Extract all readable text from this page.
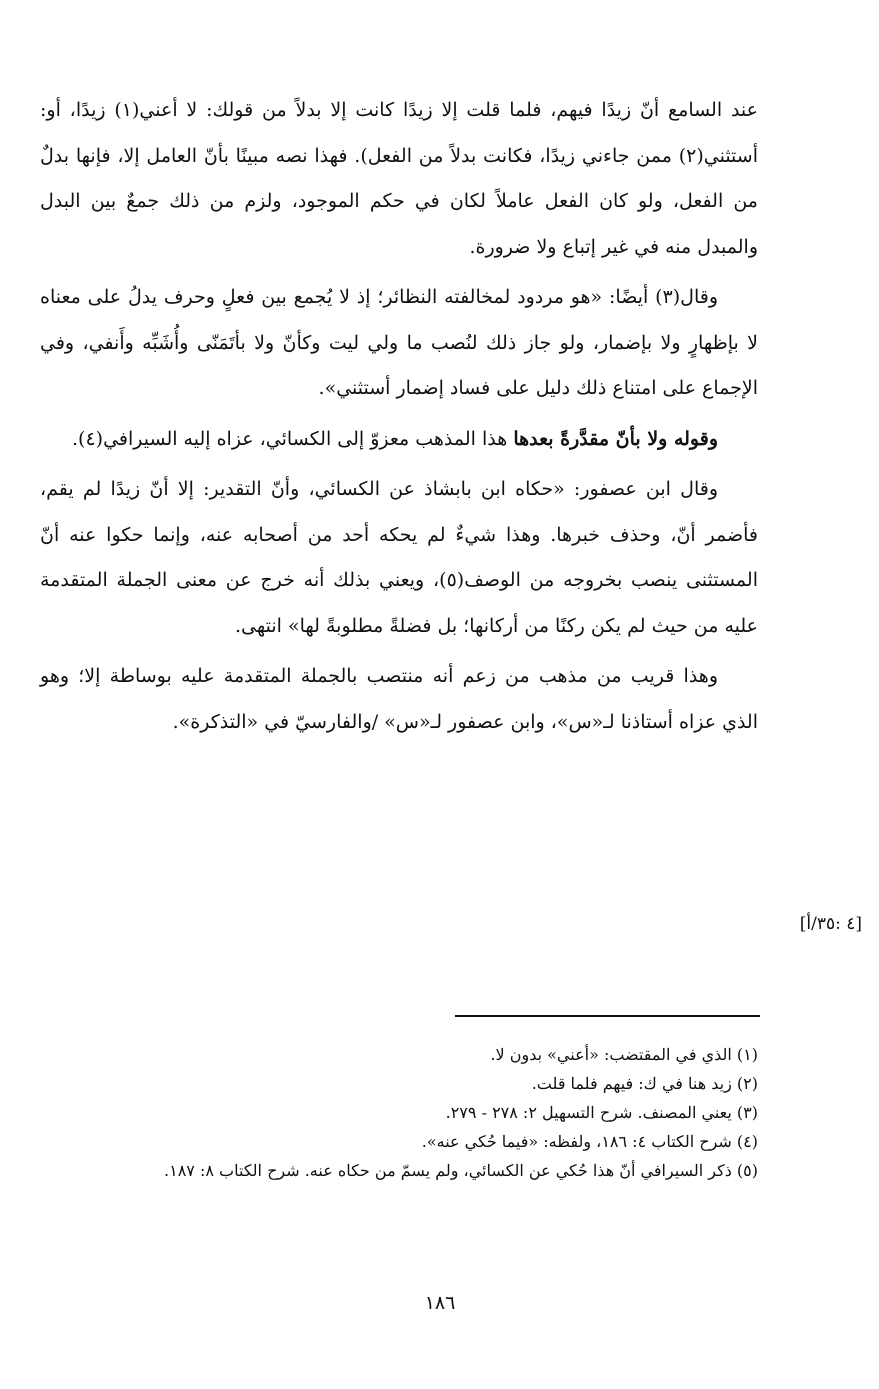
عند السامع أنّ زيدًا فيهم، فلما قلت إلا زيدًا كانت إلا بدلاً من قولك: لا أعني(١) زيدًا، أو: أستثني(٢) ممن جاءني زيدًا، فكانت بدلاً من الفعل). فهذا نصه مبينًا بأنّ العامل إلا، فإنها بدلٌ من الفعل، ولو كان الفعل عاملاً لكان في حكم الموجود، ولزم من ذلك جمعٌ بين البدل والمبدل منه في غير إتباع ولا ضرورة.

وقال(٣) أيضًا: «هو مردود لمخالفته النظائر؛ إذ لا يُجمع بين فعلٍ وحرف يدلُ على معناه لا بإظهارٍ ولا بإضمار، ولو جاز ذلك لنُصب ما ولي ليت وكأنّ ولا بأتَمَنّى وأُشَبِّه وأَنفي، وفي الإجماع على امتناع ذلك دليل على فساد إضمار أستثني».

وقوله ولا بأنّ مقدَّرةً بعدها هذا المذهب معزوّ إلى الكسائي، عزاه إليه السيرافي(٤).

وقال ابن عصفور: «حكاه ابن بابشاذ عن الكسائي، وأنّ التقدير: إلا أنّ زيدًا لم يقم، فأضمر أنّ، وحذف خبرها. وهذا شيءٌ لم يحكه أحد من أصحابه عنه، وإنما حكوا عنه أنّ المستثنى ينصب بخروجه من الوصف(٥)، ويعني بذلك أنه خرج عن معنى الجملة المتقدمة عليه من حيث لم يكن ركنًا من أركانها؛ بل فضلةً مطلوبةً لها» انتهى.

وهذا قريب من مذهب من زعم أنه منتصب بالجملة المتقدمة عليه بوساطة إلا؛ وهو الذي عزاه أستاذنا لـ«س»، وابن عصفور لـ«س» /والفارسيّ في «التذكرة».

[٤ :٣٥/أ]

(١) الذي في المقتضب: «أعني» بدون لا.

(٢) زيد هنا في ك: فيهم فلما قلت.

(٣) يعني المصنف. شرح التسهيل ٢: ٢٧٨ - ٢٧٩.

(٤) شرح الكتاب ٤: ١٨٦، ولفظه: «فيما حُكي عنه».

(٥) ذكر السيرافي أنّ هذا حُكي عن الكسائي، ولم يسمّ من حكاه عنه. شرح الكتاب ٨: ١٨٧.

١٨٦
